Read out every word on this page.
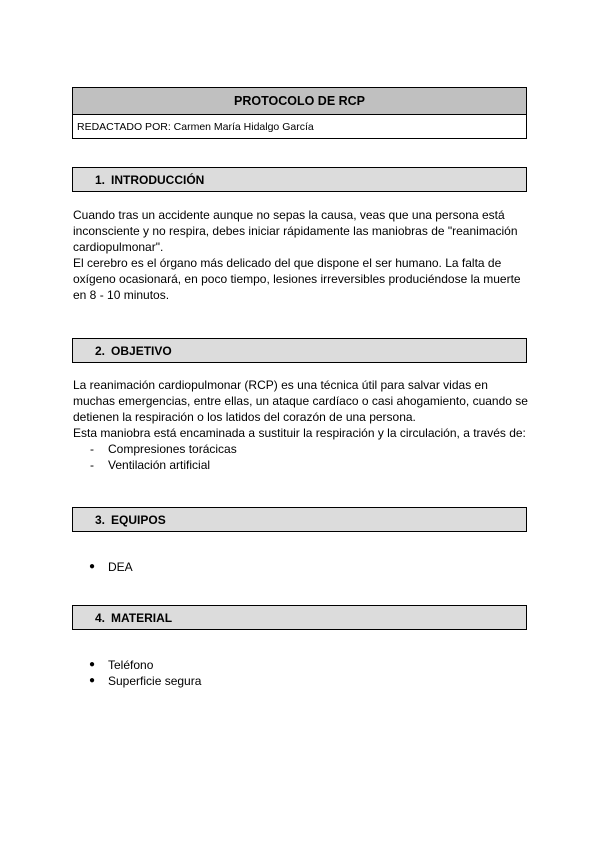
PROTOCOLO DE RCP
REDACTADO POR: Carmen María Hidalgo García
1. INTRODUCCIÓN

Cuando tras un accidente aunque no sepas la causa, veas que una persona está inconsciente y no respira, debes iniciar rápidamente las maniobras de "reanimación cardiopulmonar".

El cerebro es el órgano más delicado del que dispone el ser humano. La falta de oxígeno ocasionará, en poco tiempo, lesiones irreversibles produciéndose la muerte en 8 - 10 minutos.

2. OBJETIVO

La reanimación cardiopulmonar (RCP) es una técnica útil para salvar vidas en muchas emergencias, entre ellas, un ataque cardíaco o casi ahogamiento, cuando se detienen la respiración o los latidos del corazón de una persona.

Esta maniobra está encaminada a sustituir la respiración y la circulación, a través de:

- Compresiones torácicas
- Ventilación artificial
3. EQUIPOS
● DEA
4. MATERIAL
● Teléfono
● Superficie segura
